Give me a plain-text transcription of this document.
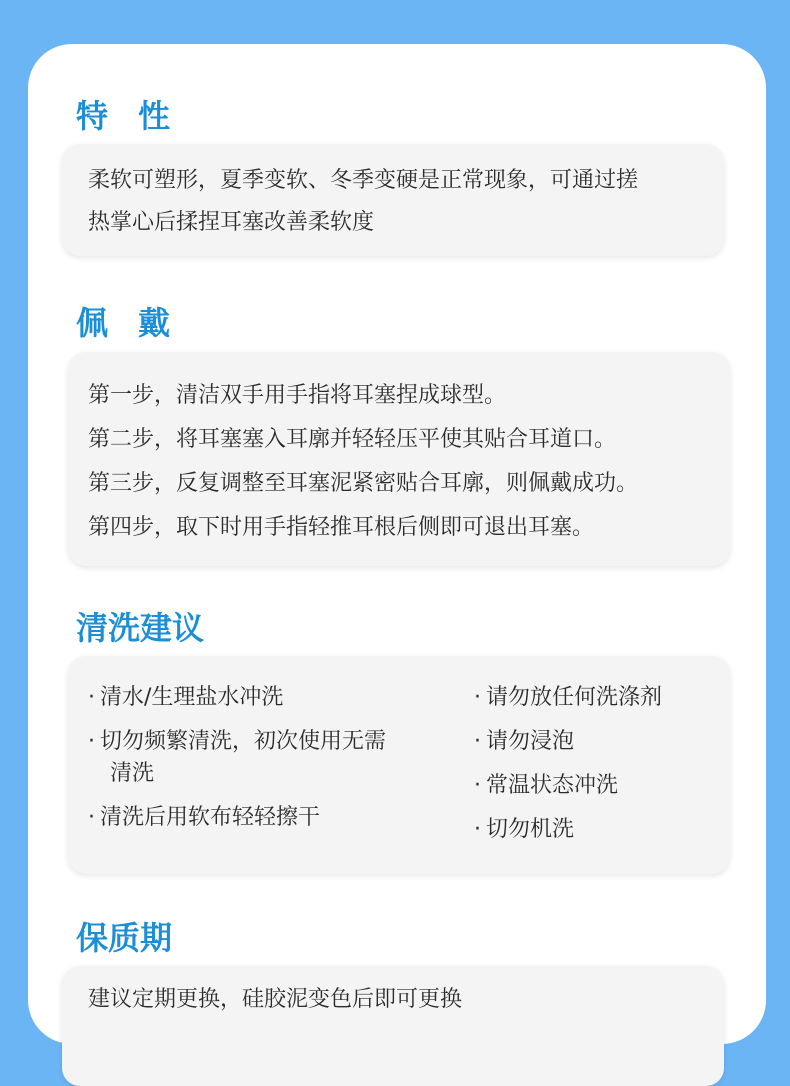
特性

柔软可塑形，夏季变软、冬季变硬是正常现象，可通过搓

热掌心后揉捏耳塞改善柔软度

佩戴

第一步，清洁双手用手指将耳塞捏成球型。

第二步，将耳塞塞入耳廓并轻轻压平使其贴合耳道口。

第三步，反复调整至耳塞泥紧密贴合耳廓，则佩戴成功。

第四步，取下时用手指轻推耳根后侧即可退出耳塞。

清洗建议
· 清水/生理盐水冲洗
· 切勿频繁清洗，初次使用无需
清洗
· 清洗后用软布轻轻擦干
· 请勿放任何洗涤剂
· 请勿浸泡
· 常温状态冲洗
· 切勿机洗
保质期

建议定期更换，硅胶泥变色后即可更换
